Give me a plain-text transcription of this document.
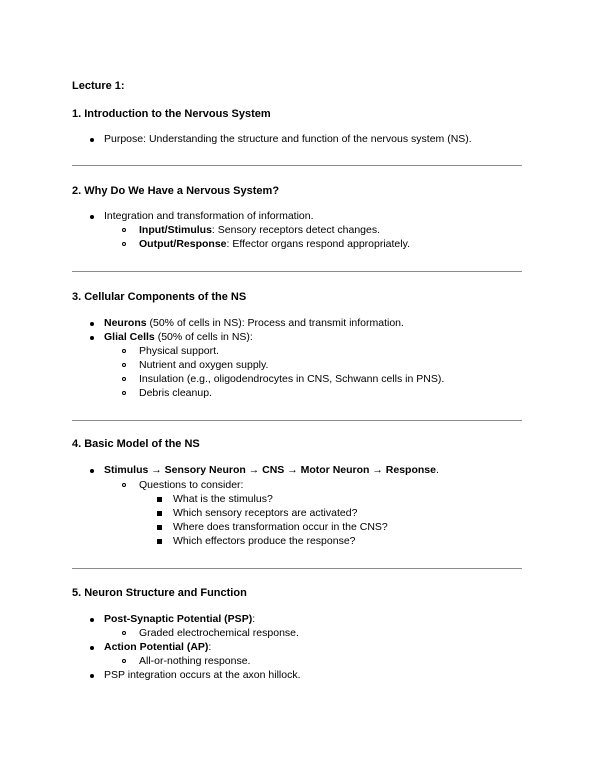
Lecture 1:
1. Introduction to the Nervous System
Purpose: Understanding the structure and function of the nervous system (NS).
2. Why Do We Have a Nervous System?
Integration and transformation of information.
Input/Stimulus: Sensory receptors detect changes.
Output/Response: Effector organs respond appropriately.
3. Cellular Components of the NS
Neurons (50% of cells in NS): Process and transmit information.
Glial Cells (50% of cells in NS):
Physical support.
Nutrient and oxygen supply.
Insulation (e.g., oligodendrocytes in CNS, Schwann cells in PNS).
Debris cleanup.
4. Basic Model of the NS
Stimulus → Sensory Neuron → CNS → Motor Neuron → Response.
Questions to consider:
What is the stimulus?
Which sensory receptors are activated?
Where does transformation occur in the CNS?
Which effectors produce the response?
5. Neuron Structure and Function
Post-Synaptic Potential (PSP):
Graded electrochemical response.
Action Potential (AP):
All-or-nothing response.
PSP integration occurs at the axon hillock.
